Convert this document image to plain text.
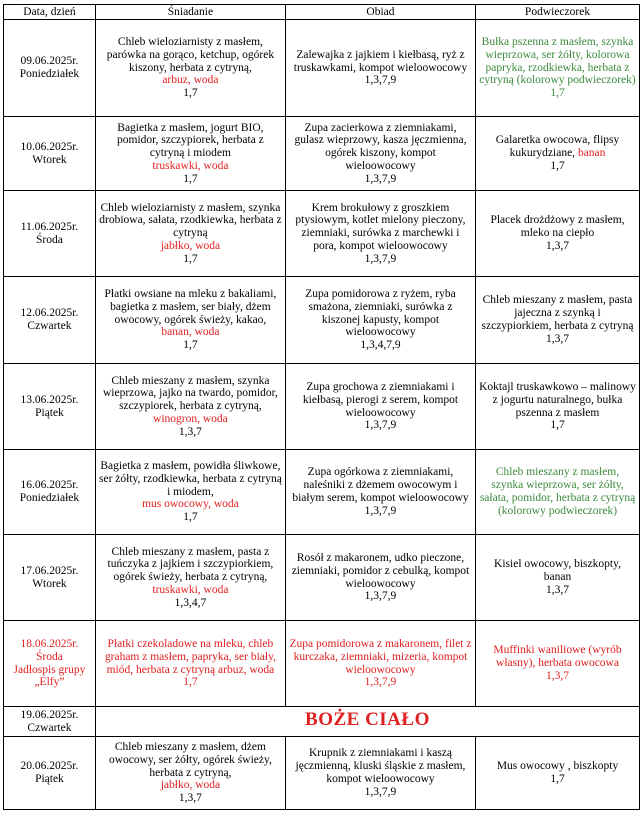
Data, dzień	Śniadanie	Obiad	Podwieczorek
09.06.2025r.
Poniedziałek	Chleb wieloziarnisty z masłem, parówka na gorąco, ketchup, ogórek kiszony, herbata z cytryną,
arbuz, woda
1,7	Zalewajka z jajkiem i kiełbasą, ryż z truskawkami, kompot wieloowocowy
1,3,7,9	Bułka pszenna z masłem, szynka wieprzowa, ser żółty, kolorowa papryka, rzodkiewka, herbata z cytryną (kolorowy podwieczorek)
1,7
10.06.2025r.
Wtorek	Bagietka z masłem, jogurt BIO, pomidor, szczypiorek, herbata z cytryną i miodem
truskawki, woda
1,7	Zupa zacierkowa z ziemniakami, gulasz wieprzowy, kasza jęczmienna, ogórek kiszony, kompot wieloowocowy
1,3,7,9	Galaretka owocowa, flipsy kukurydziane, banan
1,7
11.06.2025r.
Środa	Chleb wieloziarnisty z masłem, szynka drobiowa, sałata, rzodkiewka, herbata z cytryną
jabłko, woda
1,7	Krem brokułowy z groszkiem ptysiowym, kotlet mielony pieczony, ziemniaki, surówka z marchewki i pora, kompot wieloowocowy
1,3,7,9	Placek drożdżowy z masłem, mleko na ciepło
1,3,7
12.06.2025r.
Czwartek	Płatki owsiane na mleku z bakaliami, bagietka z masłem, ser biały, dżem owocowy, ogórek świeży, kakao, banan, woda
1,7	Zupa pomidorowa z ryżem, ryba smażona, ziemniaki, surówka z kiszonej kapusty, kompot wieloowocowy
1,3,4,7,9	Chleb mieszany z masłem, pasta jajeczna z szynką i szczypiorkiem, herbata z cytryną
1,3,7
13.06.2025r.
Piątek	Chleb mieszany z masłem, szynka wieprzowa, jajko na twardo, pomidor, szczypiorek, herbata z cytryną,
winogron, woda
1,3,7	Zupa grochowa z ziemniakami i kiełbasą, pierogi z serem, kompot wieloowocowy
1,3,7,9	Koktajl truskawkowo – malinowy z jogurtu naturalnego, bułka pszenna z masłem
1,7
16.06.2025r.
Poniedziałek	Bagietka z masłem, powidła śliwkowe, ser żółty, rzodkiewka, herbata z cytryną i miodem,
mus owocowy, woda
1,7	Zupa ogórkowa z ziemniakami, naleśniki z dżemem owocowym i białym serem, kompot wieloowocowy
1,3,7,9	Chleb mieszany z masłem, szynka wieprzowa, ser żółty, sałata, pomidor, herbata z cytryną (kolorowy podwieczorek)
17.06.2025r.
Wtorek	Chleb mieszany z masłem, pasta z tuńczyka z jajkiem i szczypiorkiem, ogórek świeży, herbata z cytryną,
truskawki, woda
1,3,4,7	Rosół z makaronem, udko pieczone, ziemniaki, pomidor z cebulką, kompot wieloowocowy
1,3,7,9	Kisiel owocowy, biszkopty, banan
1,3,7
18.06.2025r.
Środa
Jadłospis grupy „Elfy”	Płatki czekoladowe na mleku, chleb graham z masłem, papryka, ser biały, miód, herbata z cytryną arbuz, woda
1,7	Zupa pomidorowa z makaronem, filet z kurczaka, ziemniaki, mizeria, kompot wieloowocowy
1,3,7,9	Muffinki waniliowe (wyrób własny), herbata owocowa
1,3,7
19.06.2025r.
Czwartek	BOŻE CIAŁO		
20.06.2025r.
Piątek	Chleb mieszany z masłem, dżem owocowy, ser żółty, ogórek świeży, herbata z cytryną,
jabłko, woda
1,3,7	Krupnik z ziemniakami i kaszą jęczmienną, kluski śląskie z masłem, kompot wieloowocowy
1,3,7,9	Mus owocowy , biszkopty
1,7
